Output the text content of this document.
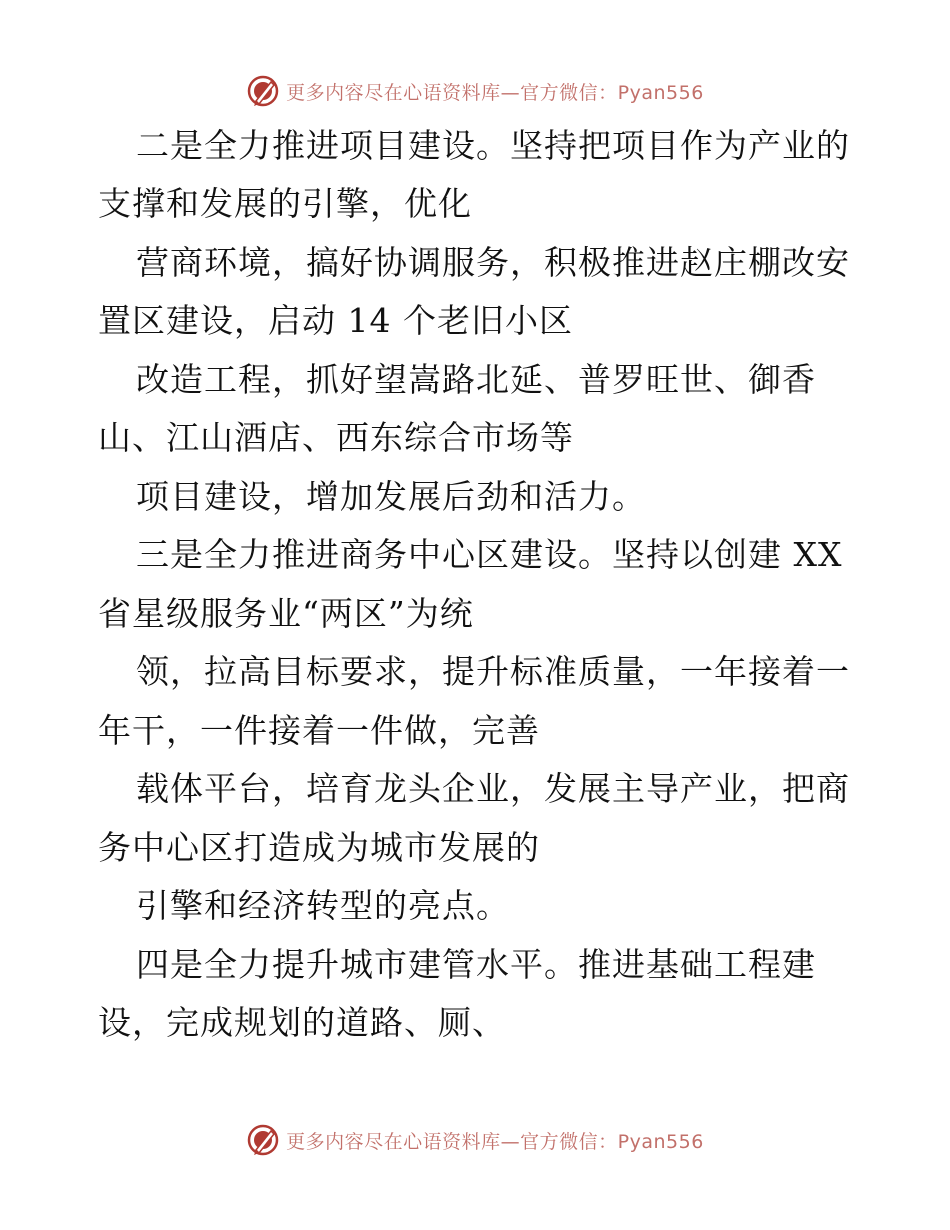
更多内容尽在心语资料库—官方微信：Pyan556
二是全力推进项目建设。坚持把项目作为产业的
支撑和发展的引擎，优化
营商环境，搞好协调服务，积极推进赵庄棚改安
置区建设，启动 14 个老旧小区
改造工程，抓好望嵩路北延、普罗旺世、御香
山、江山酒店、西东综合市场等
项目建设，增加发展后劲和活力。
三是全力推进商务中心区建设。坚持以创建 XX
省星级服务业“两区”为统
领，拉高目标要求，提升标准质量，一年接着一
年干，一件接着一件做，完善
载体平台，培育龙头企业，发展主导产业，把商
务中心区打造成为城市发展的
引擎和经济转型的亮点。
四是全力提升城市建管水平。推进基础工程建
设，完成规划的道路、厕、
更多内容尽在心语资料库—官方微信：Pyan556
